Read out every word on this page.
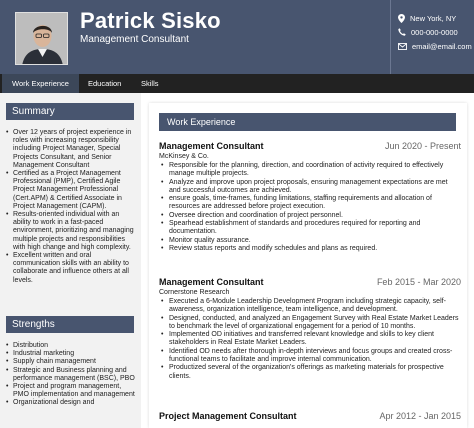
Patrick Sisko
Management Consultant
New York, NY
000-000-0000
email@email.com
Work Experience	Education	Skills
Summary
• Over 12 years of project experience in roles with increasing responsibility including Project Manager, Special Projects Consultant, and Senior Management Consultant
• Certified as a Project Management Professional (PMP), Certified Agile Project Management Professional (Cert.APM) & Certified Associate in Project Management (CAPM).
• Results-oriented individual with an ability to work in a fast-paced environment, prioritizing and managing multiple projects and responsibilities with high change and high complexity.
• Excellent written and oral communication skills with an ability to collaborate and influence others at all levels.
Strengths
• Distribution
• Industrial marketing
• Supply chain management
• Strategic and Business planning and performance management (BSC), PBO
• Project and program management, PMO implementation and management
• Organizational design and
Work Experience
Management Consultant	Jun 2020 - Present
McKinsey & Co.
• Responsible for the planning, direction, and coordination of activity required to effectively manage multiple projects.
• Analyze and improve upon project proposals, ensuring management expectations are met and successful outcomes are achieved.
• ensure goals, time-frames, funding limitations, staffing requirements and allocation of resources are addressed before project execution.
• Oversee direction and coordination of project personnel.
• Spearhead establishment of standards and procedures required for reporting and documentation.
• Monitor quality assurance.
• Review status reports and modify schedules and plans as required.
Management Consultant	Feb 2015 - Mar 2020
Cornerstone Research
• Executed a 6-Module Leadership Development Program including strategic capacity, self-awareness, organization intelligence, team intelligence, and development.
• Designed, conducted, and analyzed an Engagement Survey with Real Estate Market Leaders to benchmark the level of organizational engagement for a period of 10 months.
• Implemented OD initiatives and transferred relevant knowledge and skills to key client stakeholders in Real Estate Market Leaders.
• Identified OD needs after thorough in-depth interviews and focus groups and created cross-functional teams to facilitate and improve internal communication.
• Productized several of the organization's offerings as marketing materials for prospective clients.
Project Management Consultant	Apr 2012 - Jan 2015
